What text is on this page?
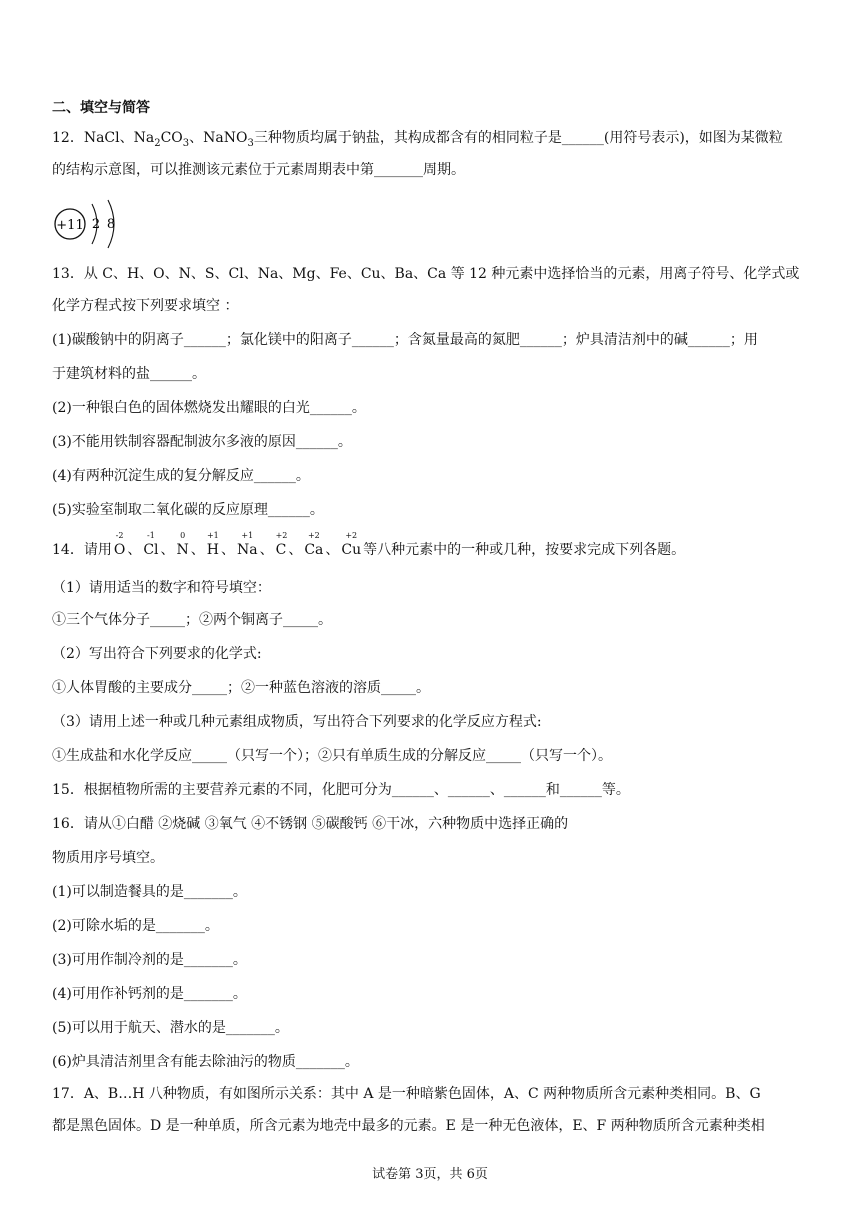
二、填空与简答
12．NaCl、$Na_2CO_3$、NaNO$_3$三种物质均属于钠盐，其构成都含有的相同粒子是______(用符号表示)，如图为某微粒
的结构示意图，可以推测该元素位于元素周期表中第_______周期。
13．从 C、H、O、N、S、Cl、Na、Mg、Fe、Cu、Ba、Ca 等 12 种元素中选择恰当的元素，用离子符号、化学式或
化学方程式按下列要求填空 ：
(1)碳酸钠中的阴离子______；氯化镁中的阳离子______；含氮量最高的氮肥______；炉具清洁剂中的碱______；用
于建筑材料的盐______。
(2)一种银白色的固体燃烧发出耀眼的白光______。
(3)不能用铁制容器配制波尔多液的原因______。
(4)有两种沉淀生成的复分解反应______。
(5)实验室制取二氧化碳的反应原理______。
14．请用
-2
O 、
-1
Cl 、
0
N 、
+1
H 、
+1
Na 、
+2
C 、
+2
Ca 、
+2
Cu 等八种元素中的一种或几种，按要求完成下列各题。
（1）请用适当的数字和符号填空：
①三个气体分子_____；②两个铜离子_____。
（2）写出符合下列要求的化学式:
①人体胃酸的主要成分_____；②一种蓝色溶液的溶质_____。
（3）请用上述一种或几种元素组成物质，写出符合下列要求的化学反应方程式:
①生成盐和水化学反应_____（只写一个）；②只有单质生成的分解反应_____（只写一个）。
15．根据植物所需的主要营养元素的不同，化肥可分为______、______、______和______等。
16．请从①白醋 ②烧碱 ③氧气 ④不锈钢 ⑤碳酸钙 ⑥干冰，六种物质中选择正确的
物质用序号填空。
(1)可以制造餐具的是_______。
(2)可除水垢的是_______。
(3)可用作制冷剂的是_______。
(4)可用作补钙剂的是_______。
(5)可以用于航天、潜水的是_______。
(6)炉具清洁剂里含有能去除油污的物质_______。
17．A、B…H 八种物质，有如图所示关系：其中 A 是一种暗紫色固体，A、C 两种物质所含元素种类相同。B、G
都是黑色固体。D 是一种单质，所含元素为地壳中最多的元素。E 是一种无色液体，E、F 两种物质所含元素种类相
+11 2 8
试卷第 3页，共 6页
